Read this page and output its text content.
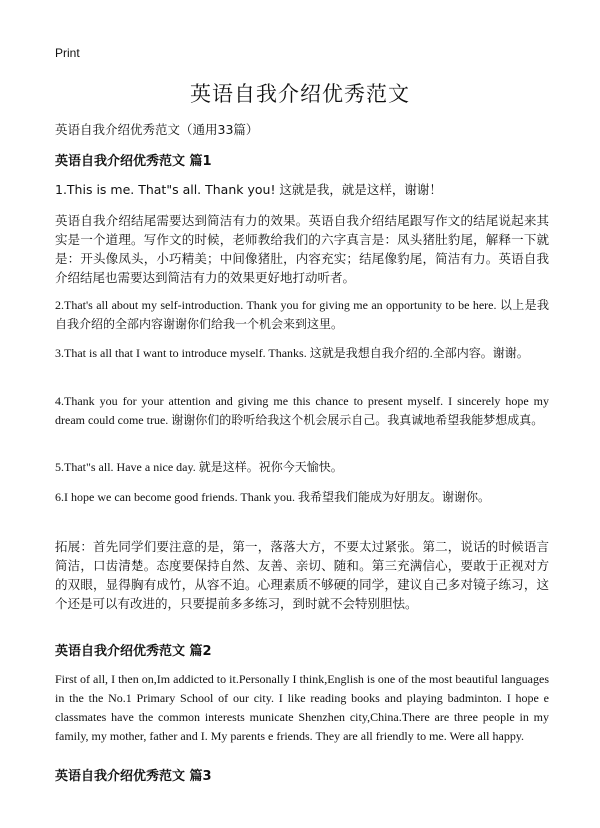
Print
英语自我介绍优秀范文
英语自我介绍优秀范文（通用33篇）
英语自我介绍优秀范文 篇1

1.This is me. That"s all. Thank you! 这就是我，就是这样，谢谢！

英语自我介绍结尾需要达到简洁有力的效果。英语自我介绍结尾跟写作文的结尾说起来其实是一个道理。写作文的时候，老师教给我们的六字真言是：凤头猪肚豹尾，解释一下就是：开头像凤头，小巧精美；中间像猪肚，内容充实；结尾像豹尾，简洁有力。英语自我介绍结尾也需要达到简洁有力的效果更好地打动听者。

2.That's all about my self-introduction. Thank you for giving me an opportunity to be here. 以上是我自我介绍的全部内容谢谢你们给我一个机会来到这里。

3.That is all that I want to introduce myself. Thanks. 这就是我想自我介绍的.全部内容。谢谢。

4.Thank you for your attention and giving me this chance to present myself. I sincerely hope my dream could come true. 谢谢你们的聆听给我这个机会展示自己。我真诚地希望我能梦想成真。

5.That"s all. Have a nice day. 就是这样。祝你今天愉快。

6.I hope we can become good friends. Thank you. 我希望我们能成为好朋友。谢谢你。

拓展：首先同学们要注意的是，第一，落落大方，不要太过紧张。第二，说话的时候语言简洁，口齿清楚。态度要保持自然、友善、亲切、随和。第三充满信心，要敢于正视对方的双眼，显得胸有成竹，从容不迫。心理素质不够硬的同学，建议自己多对镜子练习，这个还是可以有改进的，只要提前多多练习，到时就不会特别胆怯。

英语自我介绍优秀范文 篇2

First of all, I then on,Im addicted to it.Personally I think,English is one of the most beautiful languages in the the No.1 Primary School of our city. I like reading books and playing badminton. I hope e classmates have the common interests municate Shenzhen city,China.There are three people in my family, my mother, father and I. My parents e friends. They are all friendly to me. Were all happy.

英语自我介绍优秀范文 篇3
